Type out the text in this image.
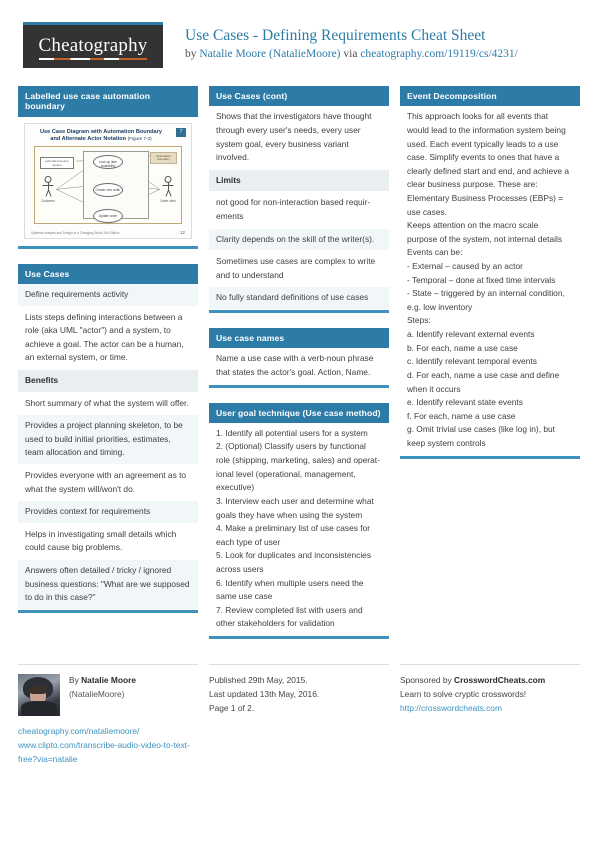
Cheatography Use Cases - Defining Requirements Cheat Sheet
by Natalie Moore (NatalieMoore) via cheatography.com/19119/cs/4231/
Labelled use case automation boundary
Use Case Diagram with Automation Boundary
and Alternate Actor Notation (Figure 7-3)
7
external inventory system
Automation boundary
Look up item availability
Create new order
Update order
Customer	Order clerk
Systems Analysis and Design in a Changing World, 6th Edition	12
Use Cases
Define requirements activity
Lists steps defining interactions between a
role (aka UML "actor") and a system, to
achieve a goal. The actor can be a human,
an external system, or time.
Benefits
Short summary of what the system will offer.
Provides a project planning skeleton, to be
used to build initial priorities, estimates,
team allocation and timing.
Provides everyone with an agreement as to
what the system will/won't do.
Provides context for requirements
Helps in investigating small details which
could cause big problems.
Answers often detailed / tricky / ignored
business questions: "What are we supposed
to do in this case?"
Use Cases (cont)
Shows that the investigators have thought
through every user's needs, every user
system goal, every business variant
involved.
Limits
not good for non-interaction based requir-
ements
Clarity depends on the skill of the writer(s).
Sometimes use cases are complex to write
and to understand
No fully standard definitions of use cases
Use case names
Name a use case with a verb-noun phrase
that states the actor's goal. Action, Name.
User goal technique (Use case method)
1. Identify all potential users for a system
2. (Optional) Classify users by functional
role (shipping, marketing, sales) and operat-
ional level (operational, management,
executive)
3. Interview each user and determine what
goals they have when using the system
4. Make a preliminary list of use cases for
each type of user
5. Look for duplicates and inconsistencies
across users
6. Identify when multiple users need the
same use case
7. Review completed list with users and
other stakeholders for validation
Event Decomposition
This approach looks for all events that
would lead to the information system being
used. Each event typically leads to a use
case. Simplify events to ones that have a
clearly defined start and end, and achieve a
clear business purpose. These are:
Elementary Business Processes (EBPs) =
use cases.
Keeps attention on the macro scale
purpose of the system, not internal details
Events can be:
- External – caused by an actor
- Temporal – done at fixed time intervals
- State – triggered by an internal condition,
e.g. low inventory
Steps:
a. Identify relevant external events
b. For each, name a use case
c. Identify relevant temporal events
d. For each, name a use case and define
when it occurs
e. Identify relevant state events
f. For each, name a use case
g. Omit trivial use cases (like log in), but
keep system controls
By Natalie Moore
(NatalieMoore)
cheatography.com/nataliemoore/
www.clipto.com/transcribe-audio-video-to-text-free?via=natalie
Published 29th May, 2015.
Last updated 13th May, 2016.
Page 1 of 2.
Sponsored by CrosswordCheats.com
Learn to solve cryptic crosswords!
http://crosswordcheats.com
